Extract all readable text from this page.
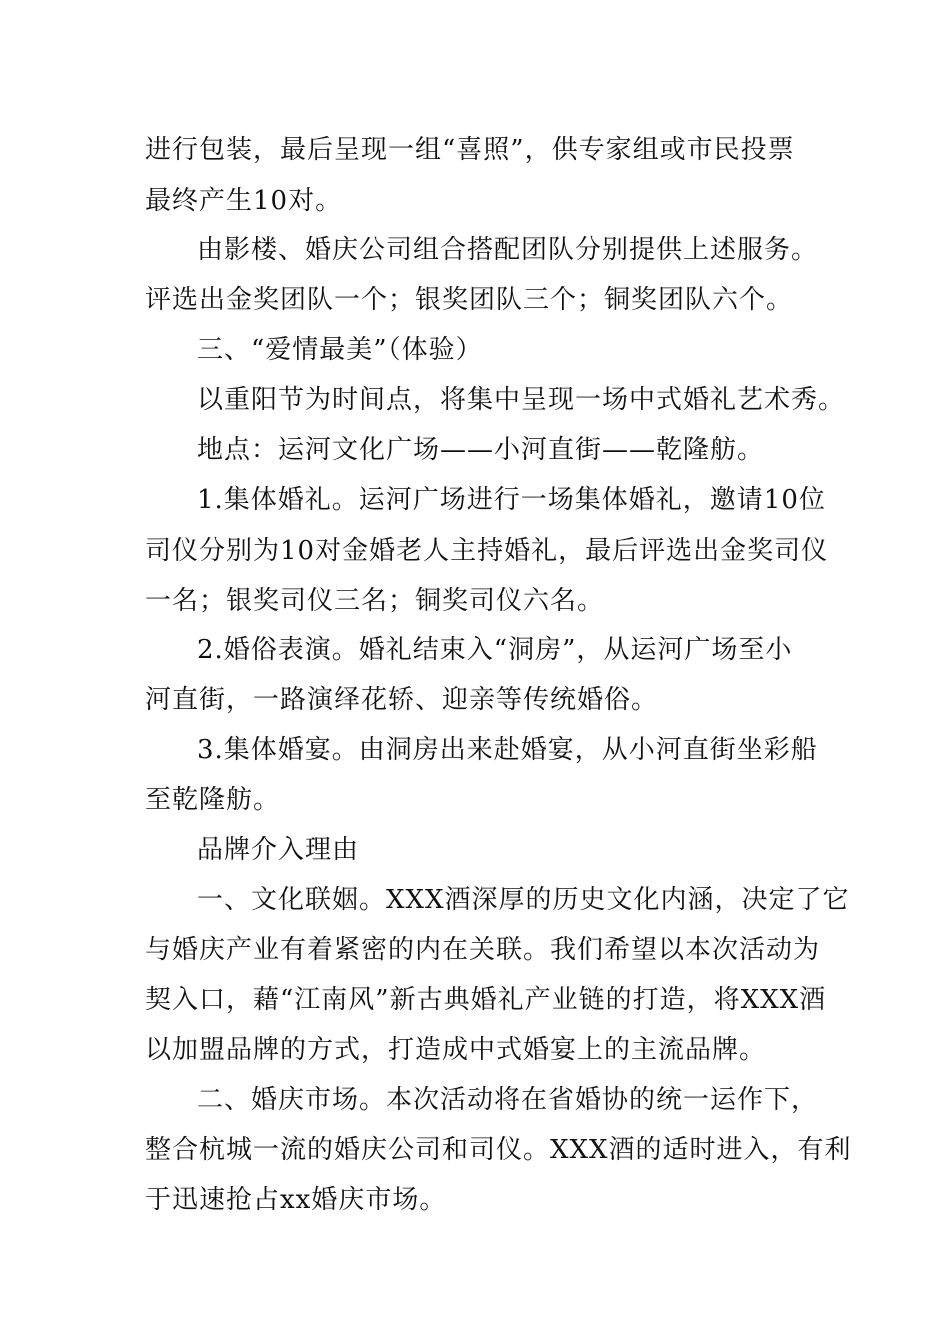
进行包装，最后呈现一组“喜照”，供专家组或市民投票
最终产生10对。
由影楼、婚庆公司组合搭配团队分别提供上述服务。
评选出金奖团队一个；银奖团队三个；铜奖团队六个。
三、“爱情最美”（体验）
以重阳节为时间点，将集中呈现一场中式婚礼艺术秀。
地点：运河文化广场——小河直街——乾隆舫。
1.集体婚礼。运河广场进行一场集体婚礼，邀请10位
司仪分别为10对金婚老人主持婚礼，最后评选出金奖司仪
一名；银奖司仪三名；铜奖司仪六名。
2.婚俗表演。婚礼结束入“洞房”，从运河广场至小
河直街，一路演绎花轿、迎亲等传统婚俗。
3.集体婚宴。由洞房出来赴婚宴，从小河直街坐彩船
至乾隆舫。
品牌介入理由
一、文化联姻。XXX酒深厚的历史文化内涵，决定了它
与婚庆产业有着紧密的内在关联。我们希望以本次活动为
契入口，藉“江南风”新古典婚礼产业链的打造，将XXX酒
以加盟品牌的方式，打造成中式婚宴上的主流品牌。
二、婚庆市场。本次活动将在省婚协的统一运作下，
整合杭城一流的婚庆公司和司仪。XXX酒的适时进入，有利
于迅速抢占xx婚庆市场。
